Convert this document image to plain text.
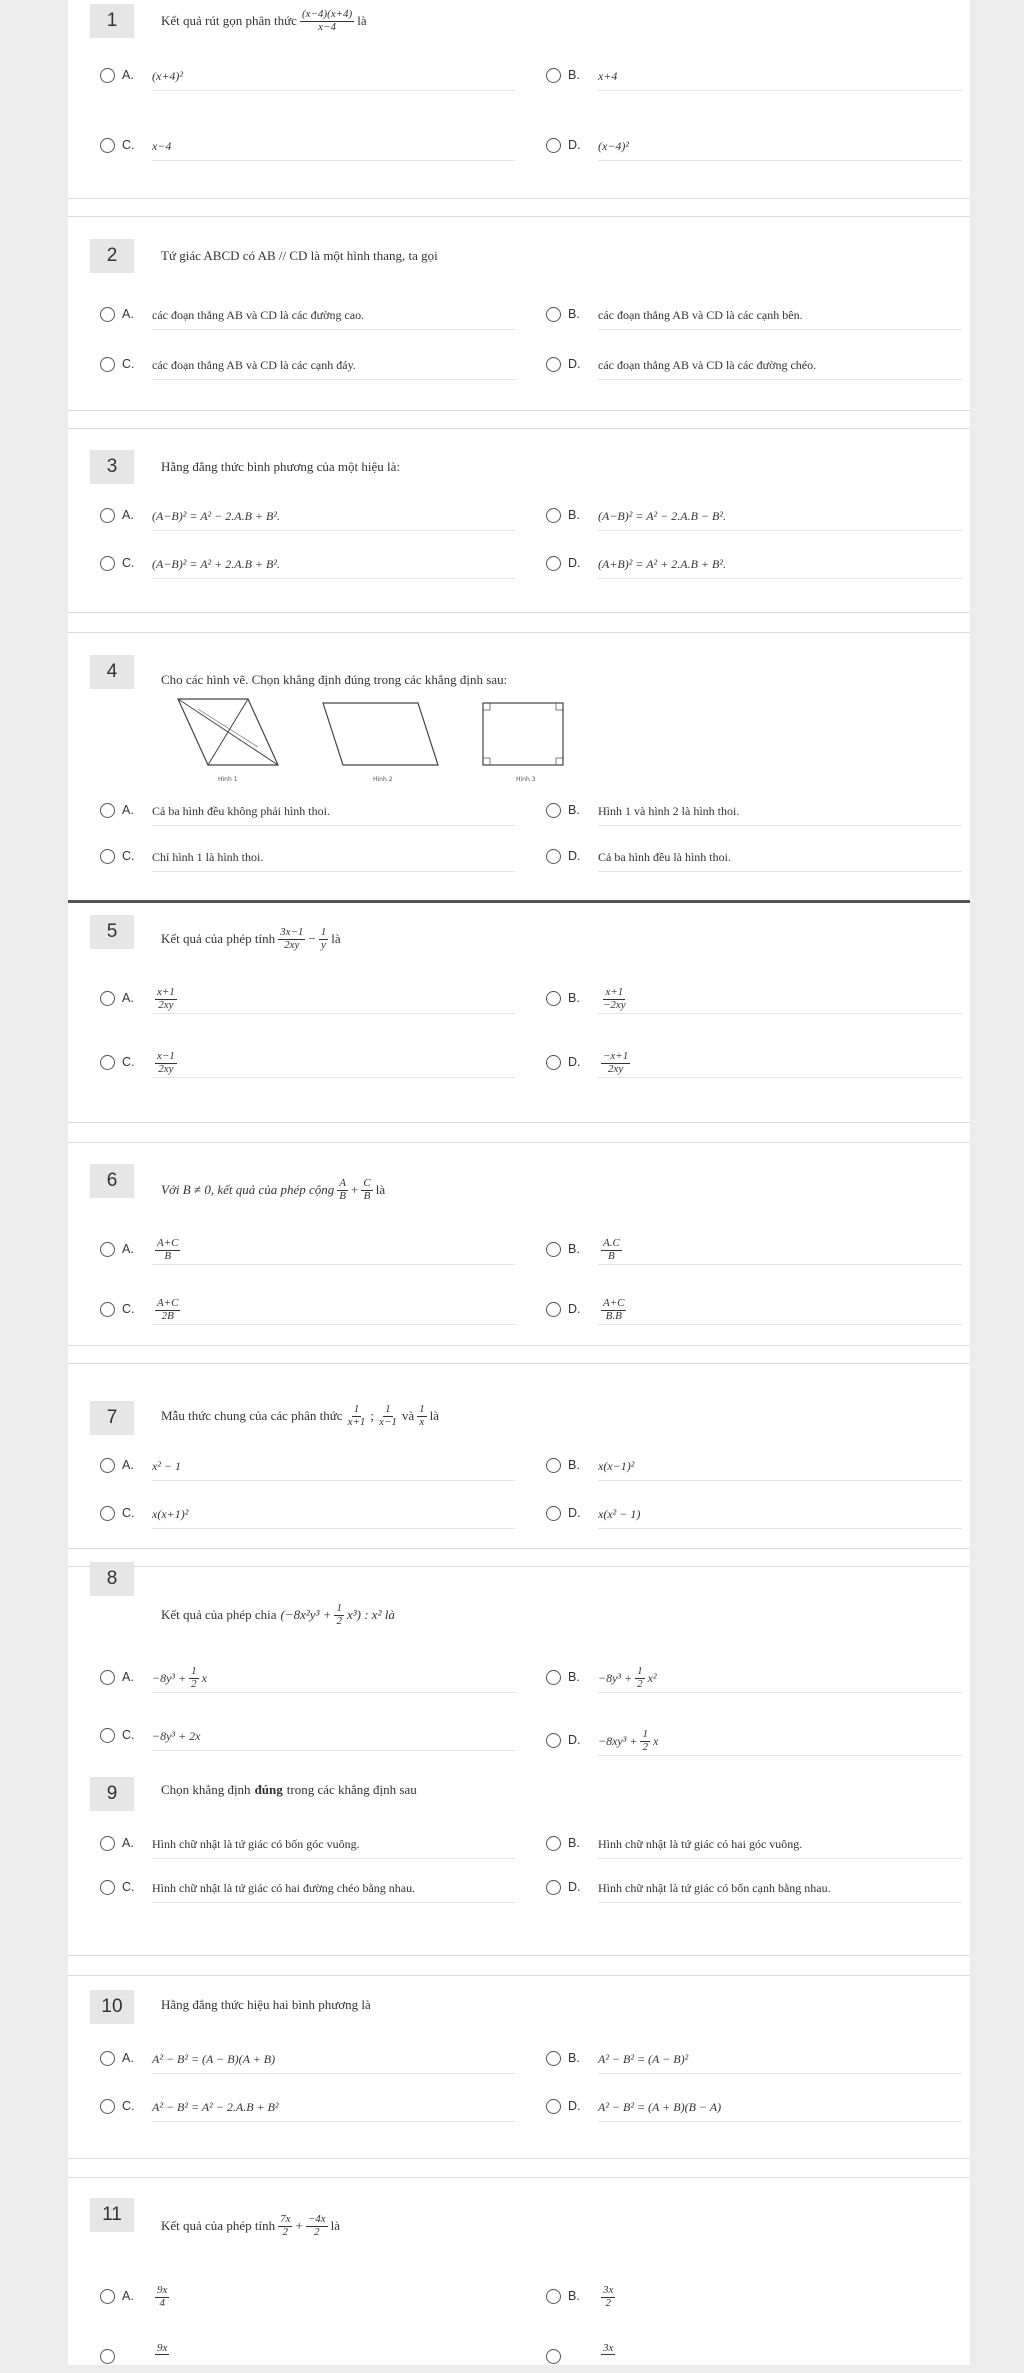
1	Kết quả rút gọn phân thức $\frac{(x-4)(x+4)}{x-4}$ là
A. (x+4)²	B. x+4
C. x−4	D. (x−4)²
2	Tứ giác ABCD có AB // CD là một hình thang, ta gọi
A. các đoạn thẳng AB và CD là các đường cao.	B. các đoạn thẳng AB và CD là các cạnh bên.
C. các đoạn thẳng AB và CD là các cạnh đáy.	D. các đoạn thẳng AB và CD là các đường chéo.
3	Hằng đẳng thức bình phương của một hiệu là:
A. (A−B)² = A² − 2.A.B + B².	B. (A−B)² = A² − 2.A.B − B².
C. (A−B)² = A² + 2.A.B + B².	D. (A+B)² = A² + 2.A.B + B².
4	Cho các hình vẽ. Chọn khẳng định đúng trong các khẳng định sau:
Hình 1	Hình 2	Hình 3
A. Cả ba hình đều không phải hình thoi.	B. Hình 1 và hình 2 là hình thoi.
C. Chỉ hình 1 là hình thoi.	D. Cả ba hình đều là hình thoi.
5	Kết quả của phép tính $\frac{3x-1}{2xy} - \frac{1}{y}$ là
A. $\frac{x+1}{2xy}$	B. $\frac{x+1}{-2xy}$
C. $\frac{x-1}{2xy}$	D. $\frac{-x+1}{2xy}$
6	Với B ≠ 0, kết quả của phép cộng $\frac{A}{B} + \frac{C}{B}$ là
A. $\frac{A+C}{B}$	B. $\frac{A.C}{B}$
C. $\frac{A+C}{2B}$	D. $\frac{A+C}{B.B}$
7	Mẫu thức chung của các phân thức $\frac{1}{x+1}$ ; $\frac{1}{x-1}$ và $\frac{1}{x}$ là
A. x² − 1	B. x(x−1)²
C. x(x+1)²	D. x(x² − 1)
8
Kết quả của phép chia $(-8x^2y^3 + \frac{1}{2} x^3)$ : x² là
A. $-8y^3 + \frac{1}{2}$ x	B. $-8y^3 + \frac{1}{2} x^2$
C. −8y³ + 2x	D. $-8xy^3 + \frac{1}{2}$ x
9	Chọn khẳng định đúng trong các khẳng định sau
A. Hình chữ nhật là tứ giác có bốn góc vuông.	B. Hình chữ nhật là tứ giác có hai góc vuông.
C. Hình chữ nhật là tứ giác có hai đường chéo bằng nhau.	D. Hình chữ nhật là tứ giác có bốn cạnh bằng nhau.
10	Hằng đẳng thức hiệu hai bình phương là
A. A² − B² = (A − B)(A + B)	B. A² − B² = (A − B)²
C. A² − B² = A² − 2.A.B + B²	D. A² − B² = (A + B)(B − A)
11
Kết quả của phép tính $\frac{7x}{2} + \frac{-4x}{2}$ là
A. $\frac{9x}{4}$	B. $\frac{3x}{2}$
9x	3x
